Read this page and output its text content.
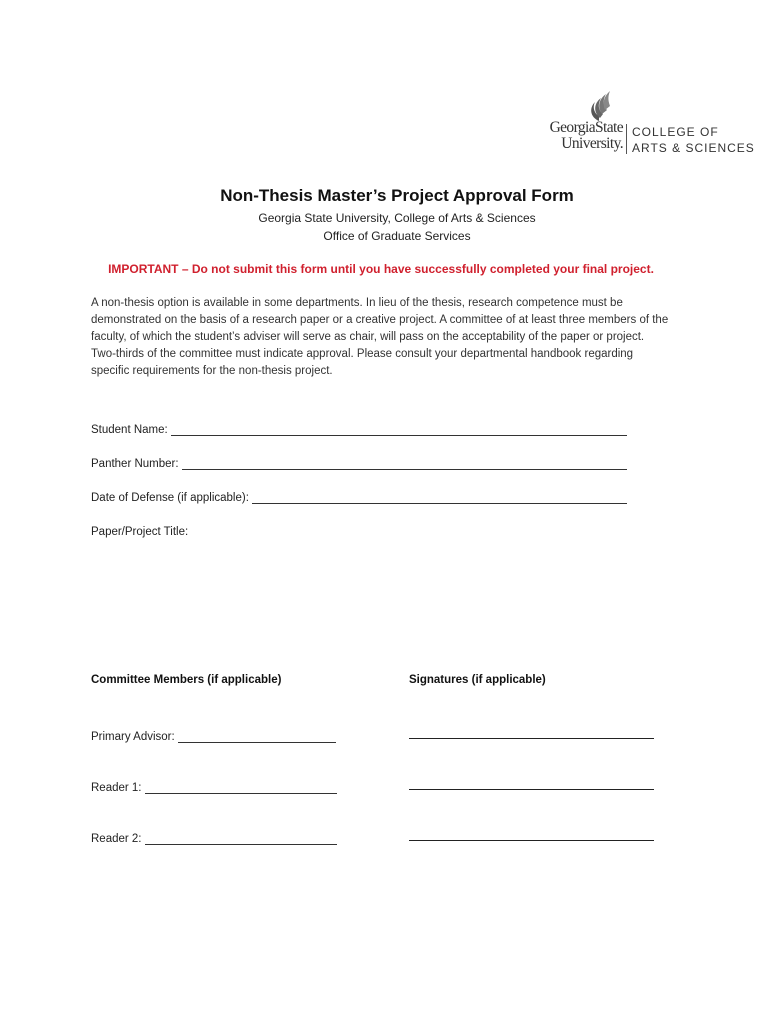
GeorgiaState
University.
COLLEGE OF
ARTS & SCIENCES
Non-Thesis Master’s Project Approval Form
Georgia State University, College of Arts & Sciences
Office of Graduate Services
IMPORTANT – Do not submit this form until you have successfully completed your final project.
A non-thesis option is available in some departments. In lieu of the thesis, research competence must be
demonstrated on the basis of a research paper or a creative project. A committee of at least three members of the
faculty, of which the student’s adviser will serve as chair, will pass on the acceptability of the paper or project.
Two-thirds of the committee must indicate approval. Please consult your departmental handbook regarding
specific requirements for the non-thesis project.
Student Name:
Panther Number:
Date of Defense (if applicable):
Paper/Project Title:
Committee Members (if applicable)	Signatures (if applicable)
Primary Advisor:
Reader 1:
Reader 2:
